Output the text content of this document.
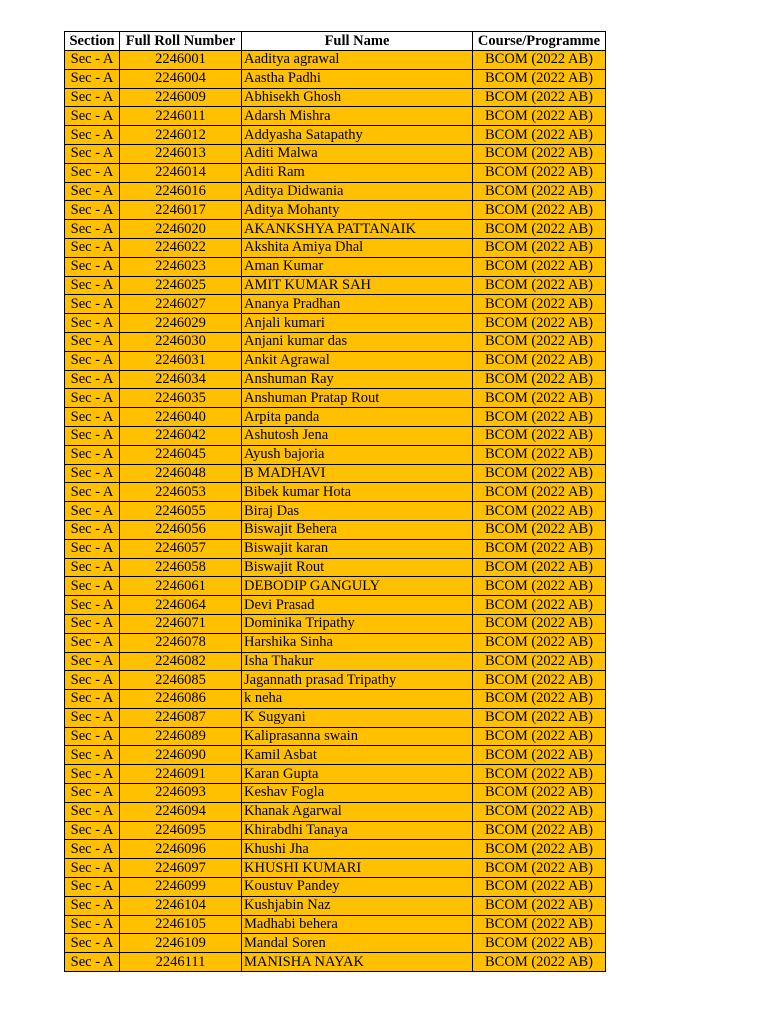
Section	Full Roll Number	Full Name	Course/Programme
Sec - A	2246001	Aaditya agrawal	BCOM (2022 AB)
Sec - A	2246004	Aastha Padhi	BCOM (2022 AB)
Sec - A	2246009	Abhisekh Ghosh	BCOM (2022 AB)
Sec - A	2246011	Adarsh Mishra	BCOM (2022 AB)
Sec - A	2246012	Addyasha Satapathy	BCOM (2022 AB)
Sec - A	2246013	Aditi Malwa	BCOM (2022 AB)
Sec - A	2246014	Aditi Ram	BCOM (2022 AB)
Sec - A	2246016	Aditya Didwania	BCOM (2022 AB)
Sec - A	2246017	Aditya Mohanty	BCOM (2022 AB)
Sec - A	2246020	AKANKSHYA PATTANAIK	BCOM (2022 AB)
Sec - A	2246022	Akshita Amiya Dhal	BCOM (2022 AB)
Sec - A	2246023	Aman Kumar	BCOM (2022 AB)
Sec - A	2246025	AMIT KUMAR SAH	BCOM (2022 AB)
Sec - A	2246027	Ananya Pradhan	BCOM (2022 AB)
Sec - A	2246029	Anjali kumari	BCOM (2022 AB)
Sec - A	2246030	Anjani kumar das	BCOM (2022 AB)
Sec - A	2246031	Ankit Agrawal	BCOM (2022 AB)
Sec - A	2246034	Anshuman Ray	BCOM (2022 AB)
Sec - A	2246035	Anshuman Pratap Rout	BCOM (2022 AB)
Sec - A	2246040	Arpita panda	BCOM (2022 AB)
Sec - A	2246042	Ashutosh Jena	BCOM (2022 AB)
Sec - A	2246045	Ayush bajoria	BCOM (2022 AB)
Sec - A	2246048	B MADHAVI	BCOM (2022 AB)
Sec - A	2246053	Bibek kumar Hota	BCOM (2022 AB)
Sec - A	2246055	Biraj Das	BCOM (2022 AB)
Sec - A	2246056	Biswajit Behera	BCOM (2022 AB)
Sec - A	2246057	Biswajit karan	BCOM (2022 AB)
Sec - A	2246058	Biswajit Rout	BCOM (2022 AB)
Sec - A	2246061	DEBODIP GANGULY	BCOM (2022 AB)
Sec - A	2246064	Devi Prasad	BCOM (2022 AB)
Sec - A	2246071	Dominika Tripathy	BCOM (2022 AB)
Sec - A	2246078	Harshika Sinha	BCOM (2022 AB)
Sec - A	2246082	Isha Thakur	BCOM (2022 AB)
Sec - A	2246085	Jagannath prasad Tripathy	BCOM (2022 AB)
Sec - A	2246086	k neha	BCOM (2022 AB)
Sec - A	2246087	K Sugyani	BCOM (2022 AB)
Sec - A	2246089	Kaliprasanna swain	BCOM (2022 AB)
Sec - A	2246090	Kamil Asbat	BCOM (2022 AB)
Sec - A	2246091	Karan Gupta	BCOM (2022 AB)
Sec - A	2246093	Keshav Fogla	BCOM (2022 AB)
Sec - A	2246094	Khanak Agarwal	BCOM (2022 AB)
Sec - A	2246095	Khirabdhi Tanaya	BCOM (2022 AB)
Sec - A	2246096	Khushi Jha	BCOM (2022 AB)
Sec - A	2246097	KHUSHI KUMARI	BCOM (2022 AB)
Sec - A	2246099	Koustuv Pandey	BCOM (2022 AB)
Sec - A	2246104	Kushjabin Naz	BCOM (2022 AB)
Sec - A	2246105	Madhabi behera	BCOM (2022 AB)
Sec - A	2246109	Mandal Soren	BCOM (2022 AB)
Sec - A	2246111	MANISHA NAYAK	BCOM (2022 AB)
